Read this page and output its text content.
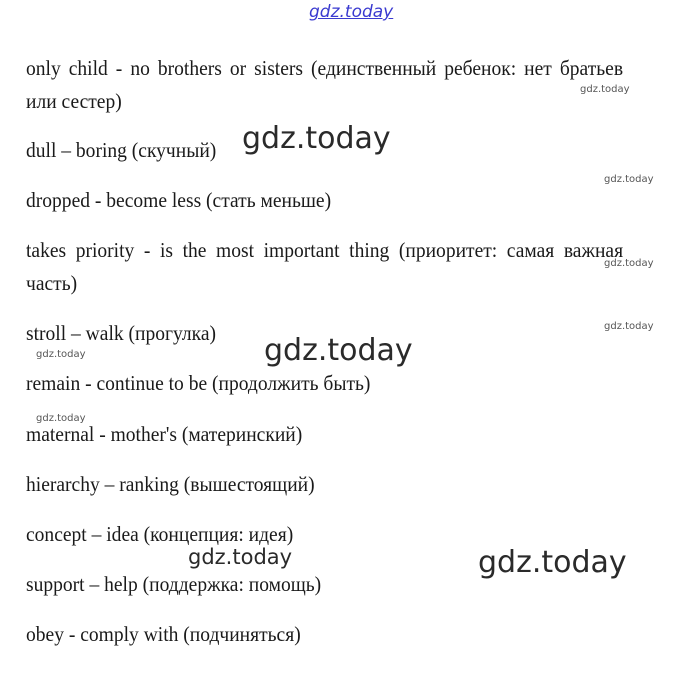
only child - no brothers or sisters (единственный ребенок: нет братьев или сестер)
dull – boring (скучный)
dropped - become less (стать меньше)
takes priority - is the most important thing (приоритет: самая важная часть)
stroll – walk (прогулка)
remain - continue to be (продолжить быть)
maternal - mother's (материнский)
hierarchy – ranking (вышестоящий)
concept – idea (концепция: идея)
support – help (поддержка: помощь)
obey - comply with (подчиняться)
gdz.today
gdz.today
gdz.today
gdz.today
gdz.today
gdz.today
gdz.today
gdz.today
gdz.today
gdz.today	gdz.today
